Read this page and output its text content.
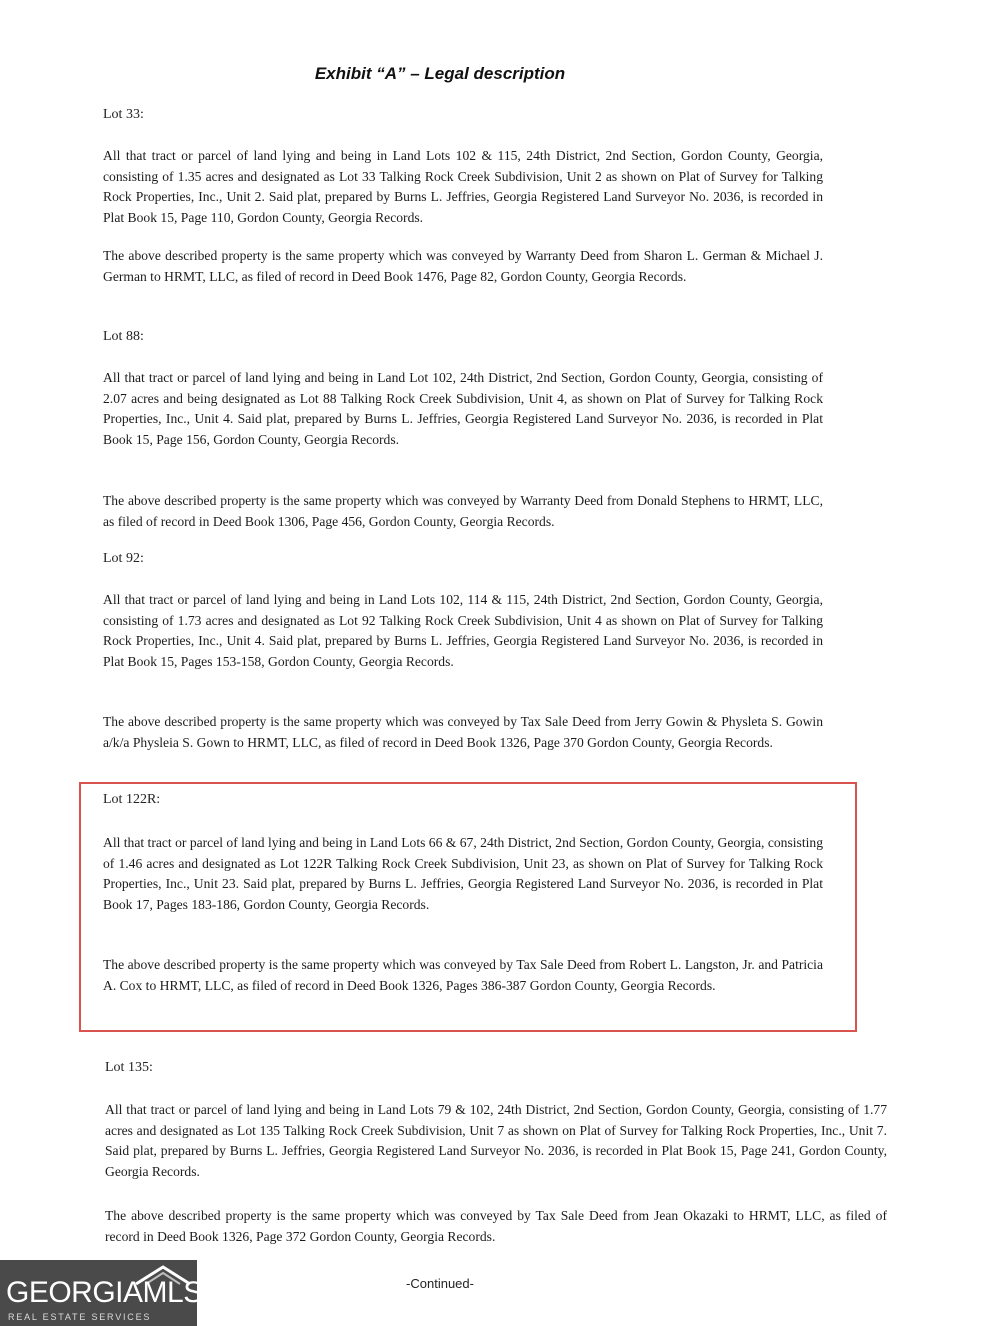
Exhibit “A” – Legal description
Lot 33:

All that tract or parcel of land lying and being in Land Lots 102 & 115, 24th District, 2nd Section, Gordon County, Georgia, consisting of 1.35 acres and designated as Lot 33 Talking Rock Creek Subdivision, Unit 2 as shown on Plat of Survey for Talking Rock Properties, Inc., Unit 2. Said plat, prepared by Burns L. Jeffries, Georgia Registered Land Surveyor No. 2036, is recorded in Plat Book 15, Page 110, Gordon County, Georgia Records.

The above described property is the same property which was conveyed by Warranty Deed from Sharon L. German & Michael J. German to HRMT, LLC, as filed of record in Deed Book 1476, Page 82, Gordon County, Georgia Records.

Lot 88:

All that tract or parcel of land lying and being in Land Lot 102, 24th District, 2nd Section, Gordon County, Georgia, consisting of 2.07 acres and being designated as Lot 88 Talking Rock Creek Subdivision, Unit 4, as shown on Plat of Survey for Talking Rock Properties, Inc., Unit 4. Said plat, prepared by Burns L. Jeffries, Georgia Registered Land Surveyor No. 2036, is recorded in Plat Book 15, Page 156, Gordon County, Georgia Records.

The above described property is the same property which was conveyed by Warranty Deed from Donald Stephens to HRMT, LLC, as filed of record in Deed Book 1306, Page 456, Gordon County, Georgia Records.

Lot 92:

All that tract or parcel of land lying and being in Land Lots 102, 114 & 115, 24th District, 2nd Section, Gordon County, Georgia, consisting of 1.73 acres and designated as Lot 92 Talking Rock Creek Subdivision, Unit 4 as shown on Plat of Survey for Talking Rock Properties, Inc., Unit 4. Said plat, prepared by Burns L. Jeffries, Georgia Registered Land Surveyor No. 2036, is recorded in Plat Book 15, Pages 153-158, Gordon County, Georgia Records.

The above described property is the same property which was conveyed by Tax Sale Deed from Jerry Gowin & Physleta S. Gowin a/k/a Physleia S. Gown to HRMT, LLC, as filed of record in Deed Book 1326, Page 370 Gordon County, Georgia Records.

Lot 122R:

All that tract or parcel of land lying and being in Land Lots 66 & 67, 24th District, 2nd Section, Gordon County, Georgia, consisting of 1.46 acres and designated as Lot 122R Talking Rock Creek Subdivision, Unit 23, as shown on Plat of Survey for Talking Rock Properties, Inc., Unit 23. Said plat, prepared by Burns L. Jeffries, Georgia Registered Land Surveyor No. 2036, is recorded in Plat Book 17, Pages 183-186, Gordon County, Georgia Records.

The above described property is the same property which was conveyed by Tax Sale Deed from Robert L. Langston, Jr. and Patricia A. Cox to HRMT, LLC, as filed of record in Deed Book 1326, Pages 386-387 Gordon County, Georgia Records.

Lot 135:

All that tract or parcel of land lying and being in Land Lots 79 & 102, 24th District, 2nd Section, Gordon County, Georgia, consisting of 1.77 acres and designated as Lot 135 Talking Rock Creek Subdivision, Unit 7 as shown on Plat of Survey for Talking Rock Properties, Inc., Unit 7. Said plat, prepared by Burns L. Jeffries, Georgia Registered Land Surveyor No. 2036, is recorded in Plat Book 15, Page 241, Gordon County, Georgia Records.

The above described property is the same property which was conveyed by Tax Sale Deed from Jean Okazaki to HRMT, LLC, as filed of record in Deed Book 1326, Page 372 Gordon County, Georgia Records.

-Continued-
GEORGIAMLS
REAL ESTATE SERVICES
